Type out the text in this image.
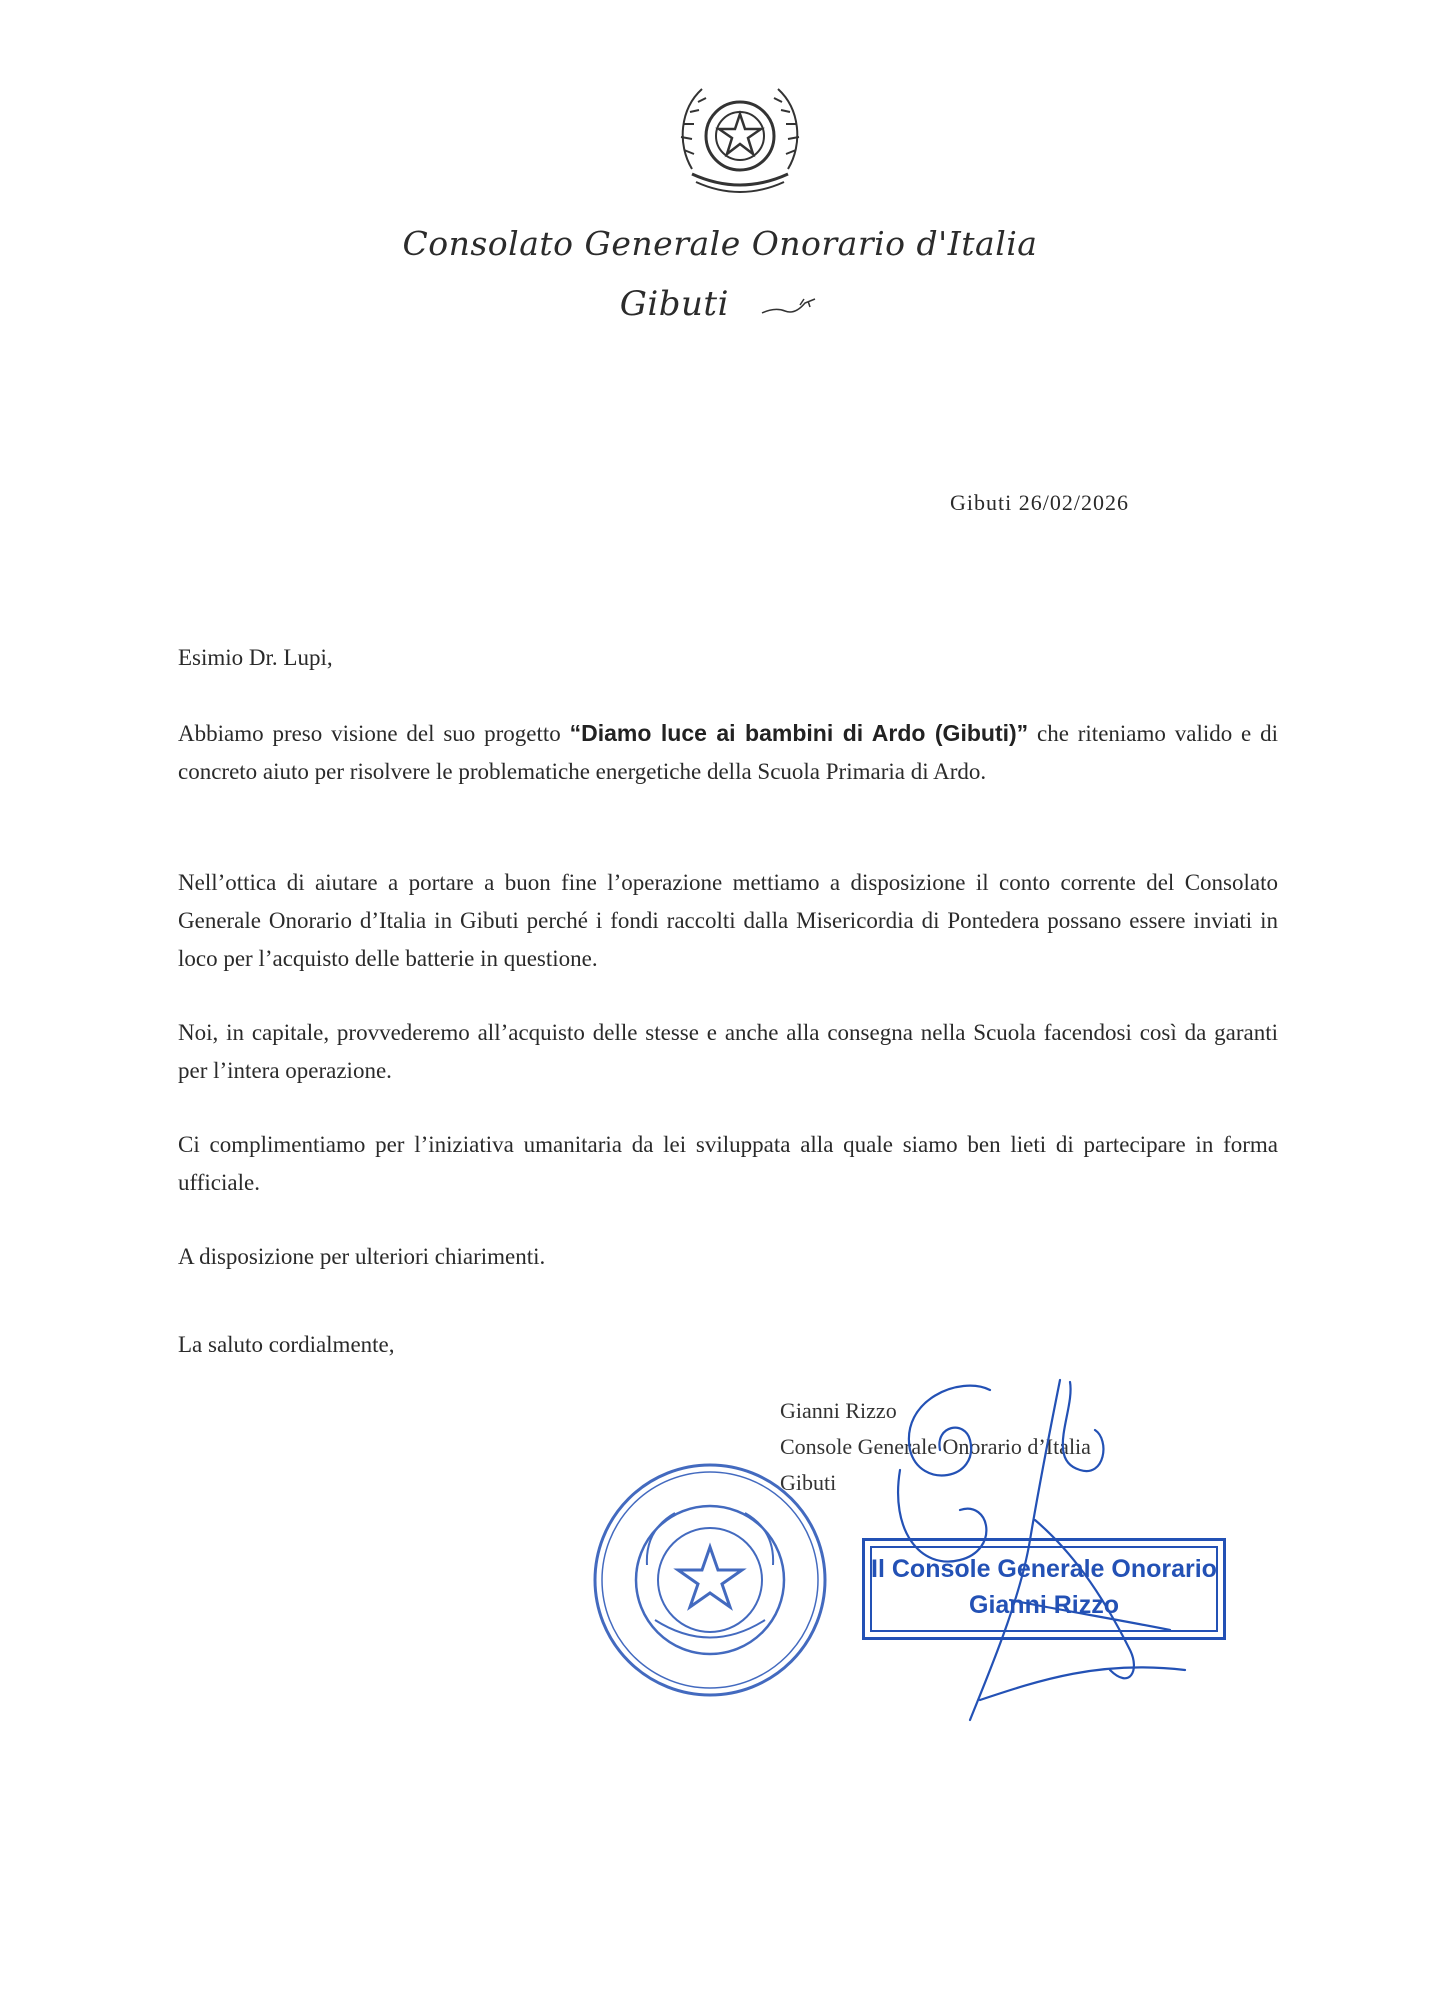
Consolato Generale Onorario d'Italia
Gibuti
Gibuti 26/02/2026
Esimio Dr. Lupi,
Abbiamo preso visione del suo progetto “Diamo luce ai bambini di Ardo (Gibuti)” che riteniamo valido e di concreto aiuto per risolvere le problematiche energetiche della Scuola Primaria di Ardo.
Nell’ottica di aiutare a portare a buon fine l’operazione mettiamo a disposizione il conto corrente del Consolato Generale Onorario d’Italia in Gibuti perché i fondi raccolti dalla Misericordia di Pontedera possano essere inviati in loco per l’acquisto delle batterie in questione.
Noi, in capitale, provvederemo all’acquisto delle stesse e anche alla consegna nella Scuola facendosi così da garanti per l’intera operazione.
Ci complimentiamo per l’iniziativa umanitaria da lei sviluppata alla quale siamo ben lieti di partecipare in forma ufficiale.
A disposizione per ulteriori chiarimenti.
La saluto cordialmente,
Gianni Rizzo
Console Generale Onorario d’Italia
Gibuti
Il Console Generale Onorario
Gianni Rizzo
